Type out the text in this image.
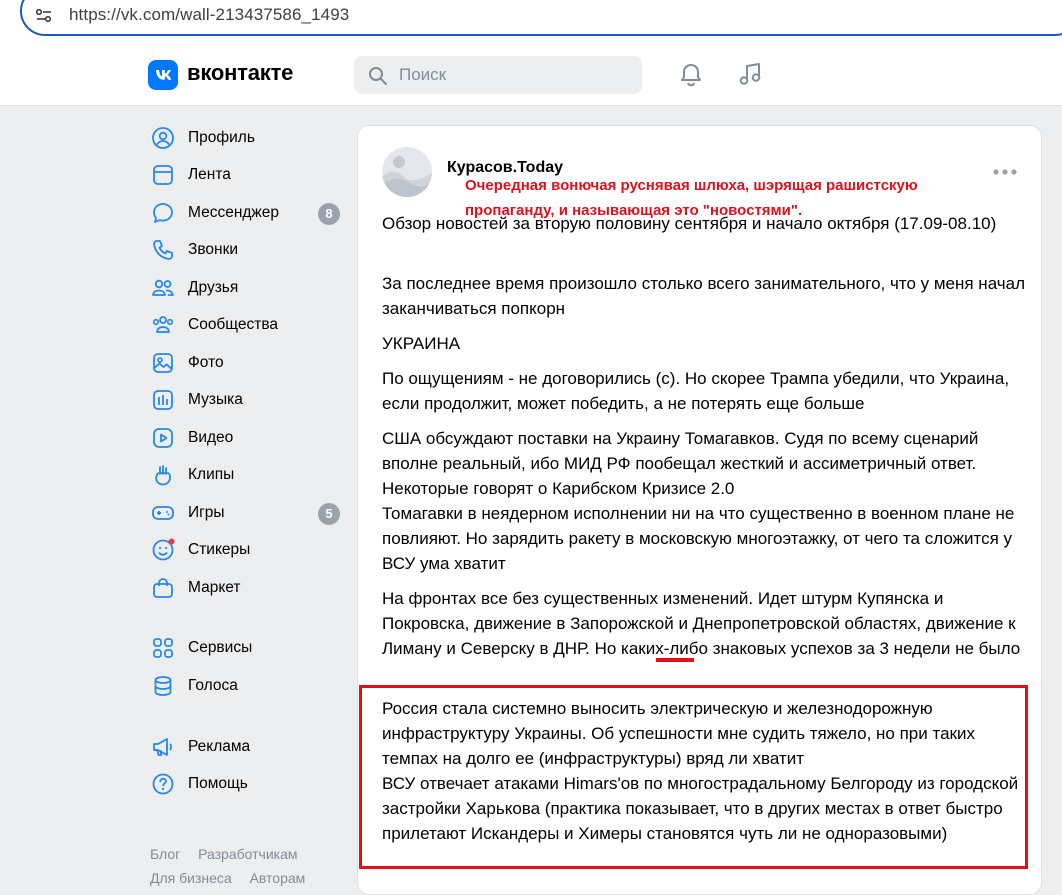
https://vk.com/wall-213437586_1493
вконтакте	Поиск
Профиль
Лента
Мессенджер	8
Звонки
Друзья
Сообщества
Фото
Музыка
Видео
Клипы
Игры	5
Стикеры
Маркет
Сервисы
Голоса
Реклама
Помощь
Блог Разработчикам
Для бизнеса Авторам
Курасов.Today
Обзор новостей за вторую половину сентября и начало октября (17.09-08.10)
За последнее время произошло столько всего занимательного, что у меня начал заканчиваться попкорн
УКРАИНА
По ощущениям - не договорились (с). Но скорее Трампа убедили, что Украина, если продолжит, может победить, а не потерять еще больше
США обсуждают поставки на Украину Томагавков. Судя по всему сценарий вполне реальный, ибо МИД РФ пообещал жесткий и ассиметричный ответ. Некоторые говорят о Карибском Кризисе 2.0
Томагавки в неядерном исполнении ни на что существенно в военном плане не повлияют. Но зарядить ракету в московскую многоэтажку, от чего та сложится у ВСУ ума хватит
На фронтах все без существенных изменений. Идет штурм Купянска и Покровска, движение в Запорожской и Днепропетровской областях, движение к Лиману и Северску в ДНР. Но каких-либо знаковых успехов за 3 недели не было
Россия стала системно выносить электрическую и железнодорожную инфраструктуру Украины. Об успешности мне судить тяжело, но при таких темпах на долго ее (инфраструктуры) вряд ли хватит
ВСУ отвечает атаками Himars'ов по многострадальному Белгороду из городской застройки Харькова (практика показывает, что в других местах в ответ быстро прилетают Искандеры и Химеры становятся чуть ли не одноразовыми)
Очередная вонючая руснявая шлюха, шэрящая рашистскую
пропаганду, и называющая это "новостями".
